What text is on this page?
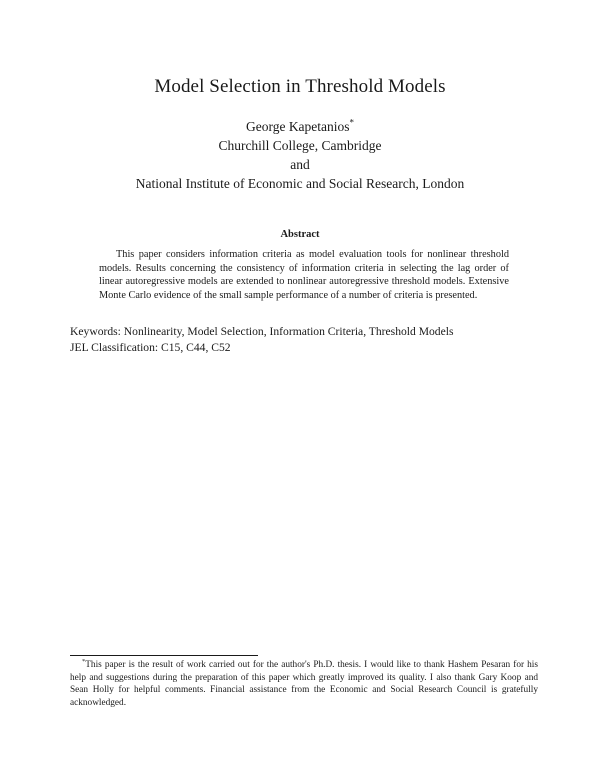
Model Selection in Threshold Models
George Kapetanios*
Churchill College, Cambridge
and
National Institute of Economic and Social Research, London
Abstract
This paper considers information criteria as model evaluation tools for nonlinear threshold models. Results concerning the consistency of information criteria in selecting the lag order of linear autoregressive models are extended to nonlinear autoregressive threshold models. Extensive Monte Carlo evidence of the small sample performance of a number of criteria is presented.
Keywords: Nonlinearity, Model Selection, Information Criteria, Threshold Models
JEL Classification: C15, C44, C52
*This paper is the result of work carried out for the author's Ph.D. thesis. I would like to thank Hashem Pesaran for his help and suggestions during the preparation of this paper which greatly improved its quality. I also thank Gary Koop and Sean Holly for helpful comments. Financial assistance from the Economic and Social Research Council is gratefully acknowledged.
